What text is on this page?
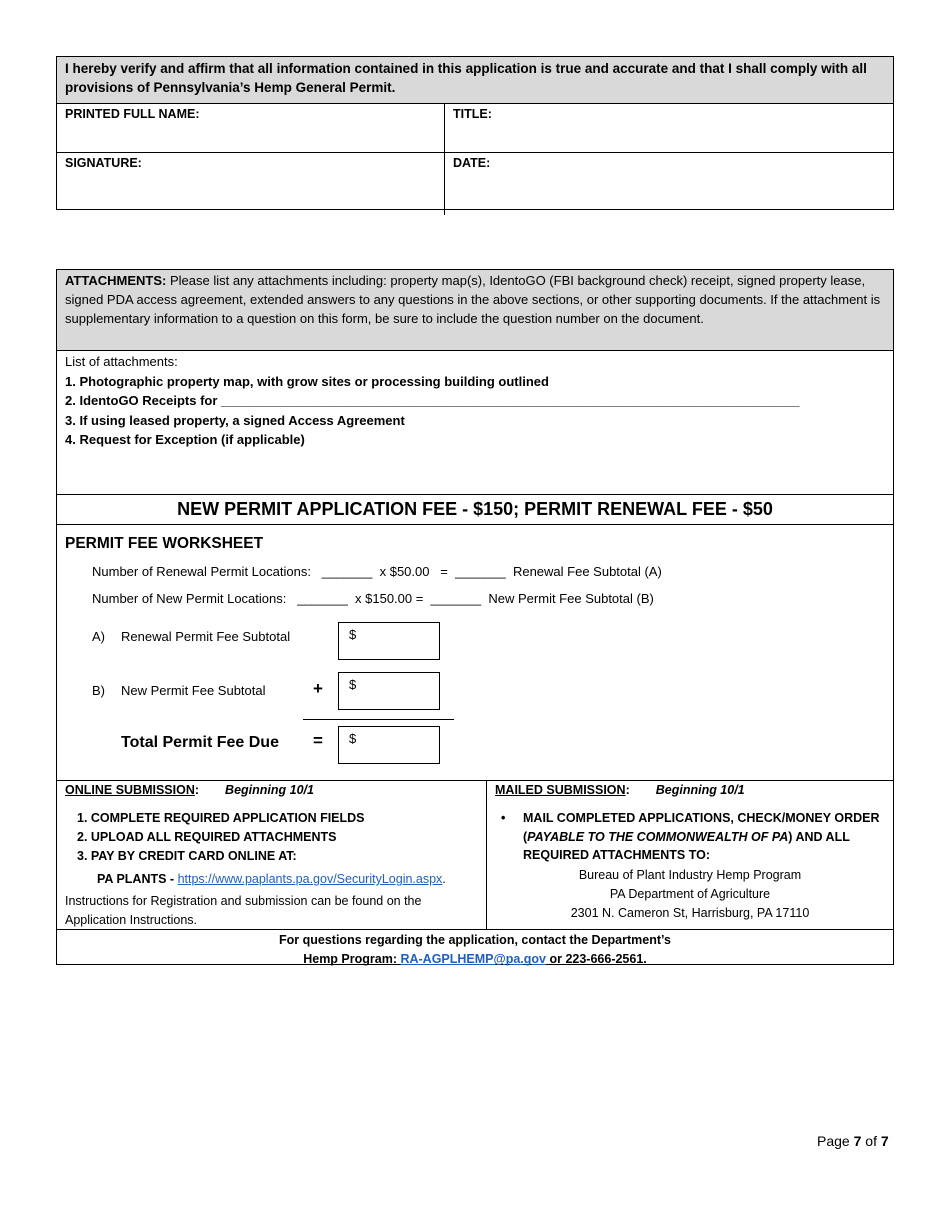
I hereby verify and affirm that all information contained in this application is true and accurate and that I shall comply with all provisions of Pennsylvania’s Hemp General Permit.
PRINTED FULL NAME:	TITLE:
SIGNATURE:	DATE:
ATTACHMENTS: Please list any attachments including: property map(s), IdentoGO (FBI background check) receipt, signed property lease, signed PDA access agreement, extended answers to any questions in the above sections, or other supporting documents. If the attachment is supplementary information to a question on this form, be sure to include the question number on the document.
List of attachments:
1. Photographic property map, with grow sites or processing building outlined
2. IdentoGO Receipts for ________________________________________________________________________________
3. If using leased property, a signed Access Agreement
4. Request for Exception (if applicable)
NEW PERMIT APPLICATION FEE - $150; PERMIT RENEWAL FEE - $50
PERMIT FEE WORKSHEET
Number of Renewal Permit Locations:   _______  x $50.00   =  _______  Renewal Fee Subtotal (A)
Number of New Permit Locations:   _______  x $150.00 =  _______  New Permit Fee Subtotal (B)
A) Renewal Permit Fee Subtotal	$
B) New Permit Fee Subtotal	+	$
Total Permit Fee Due =	$
ONLINE SUBMISSION: Beginning 10/1
1. COMPLETE REQUIRED APPLICATION FIELDS
2. UPLOAD ALL REQUIRED ATTACHMENTS
3. PAY BY CREDIT CARD ONLINE AT:
PA PLANTS - https://www.paplants.pa.gov/SecurityLogin.aspx.
Instructions for Registration and submission can be found on the Application Instructions.
MAILED SUBMISSION: Beginning 10/1
• MAIL COMPLETED APPLICATIONS, CHECK/MONEY ORDER (PAYABLE TO THE COMMONWEALTH OF PA) AND ALL REQUIRED ATTACHMENTS TO:
Bureau of Plant Industry Hemp Program
PA Department of Agriculture
2301 N. Cameron St, Harrisburg, PA 17110
For questions regarding the application, contact the Department’s
Hemp Program: RA-AGPLHEMP@pa.gov or 223-666-2561.
Page 7 of 7
